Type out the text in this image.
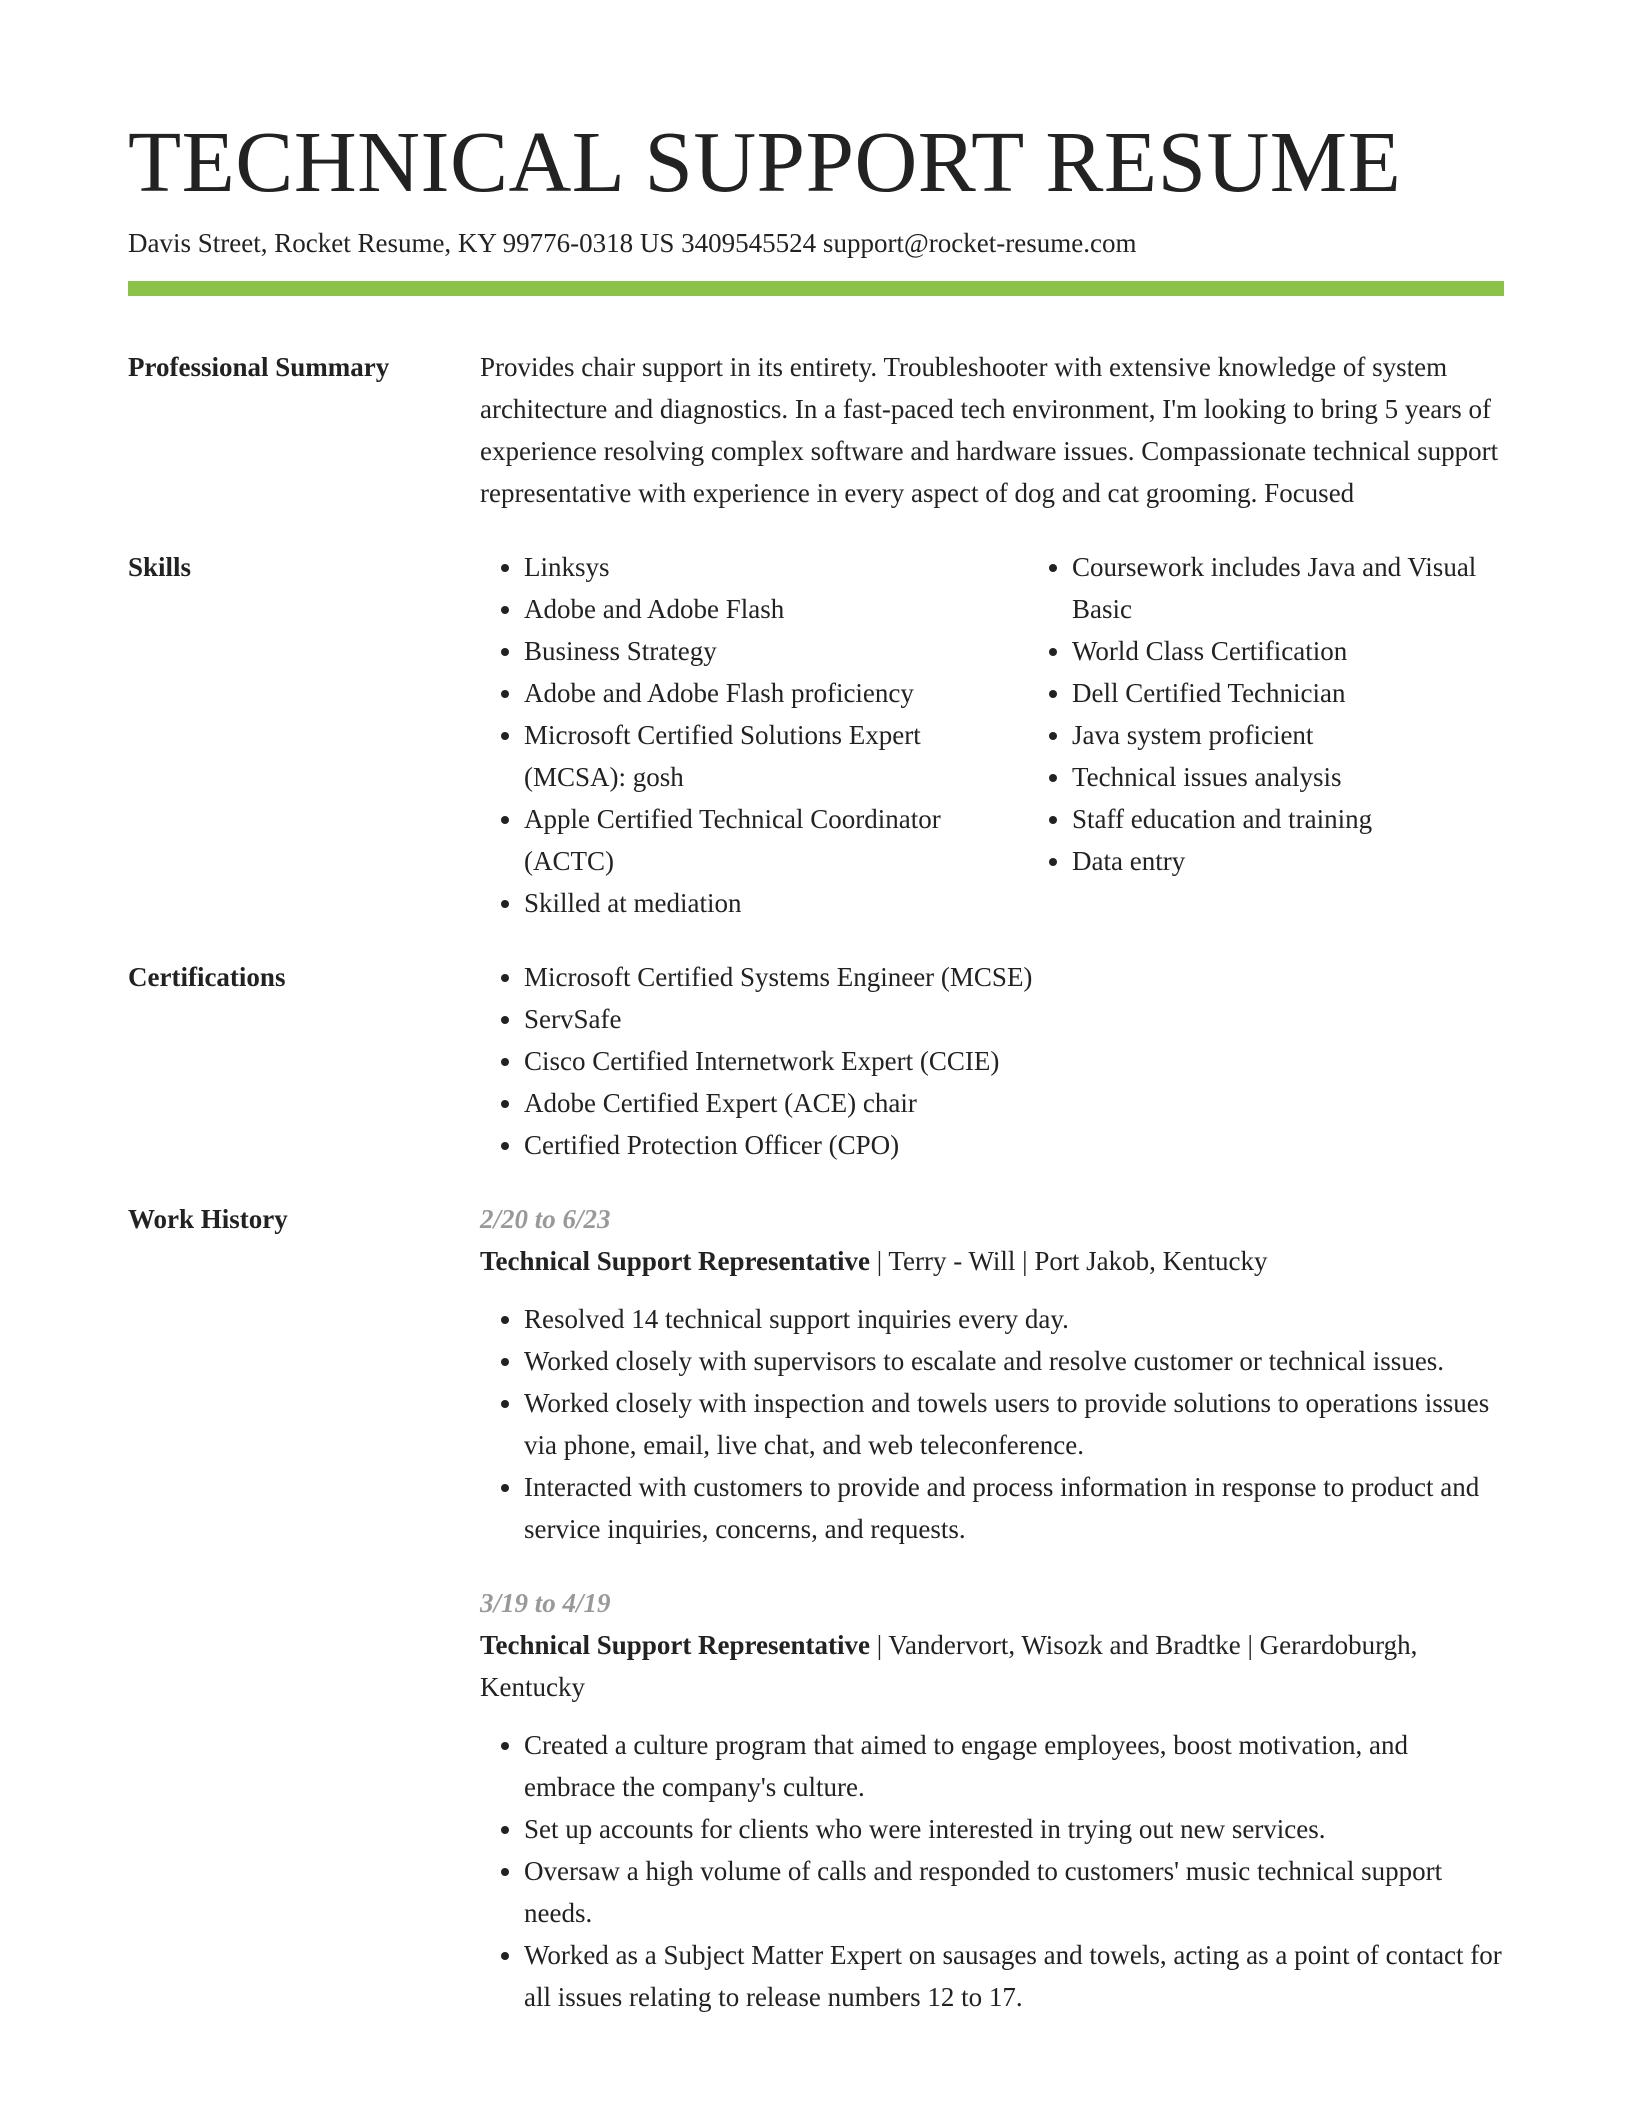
TECHNICAL SUPPORT RESUME
Davis Street, Rocket Resume, KY 99776-0318 US 3409545524 support@rocket-resume.com
Professional Summary	Provides chair support in its entirety. Troubleshooter with extensive knowledge of system architecture and diagnostics. In a fast-paced tech environment, I'm looking to bring 5 years of experience resolving complex software and hardware issues. Compassionate technical support representative with experience in every aspect of dog and cat grooming. Focused

Skills	• Linksys
• Adobe and Adobe Flash
• Business Strategy
• Adobe and Adobe Flash proficiency
• Microsoft Certified Solutions Expert (MCSA): gosh
• Apple Certified Technical Coordinator (ACTC)
• Skilled at mediation
• Coursework includes Java and Visual Basic
• World Class Certification
• Dell Certified Technician
• Java system proficient
• Technical issues analysis
• Staff education and training
• Data entry
Certifications	• Microsoft Certified Systems Engineer (MCSE)
• ServSafe
• Cisco Certified Internetwork Expert (CCIE)
• Adobe Certified Expert (ACE) chair
• Certified Protection Officer (CPO)
Work History	2/20 to 6/23
Technical Support Representative | Terry - Will | Port Jakob, Kentucky
• Resolved 14 technical support inquiries every day.
• Worked closely with supervisors to escalate and resolve customer or technical issues.
• Worked closely with inspection and towels users to provide solutions to operations issues via phone, email, live chat, and web teleconference.
• Interacted with customers to provide and process information in response to product and service inquiries, concerns, and requests.
3/19 to 4/19
Technical Support Representative | Vandervort, Wisozk and Bradtke | Gerardoburgh, Kentucky
• Created a culture program that aimed to engage employees, boost motivation, and embrace the company's culture.
• Set up accounts for clients who were interested in trying out new services.
• Oversaw a high volume of calls and responded to customers' music technical support needs.
• Worked as a Subject Matter Expert on sausages and towels, acting as a point of contact for all issues relating to release numbers 12 to 17.
